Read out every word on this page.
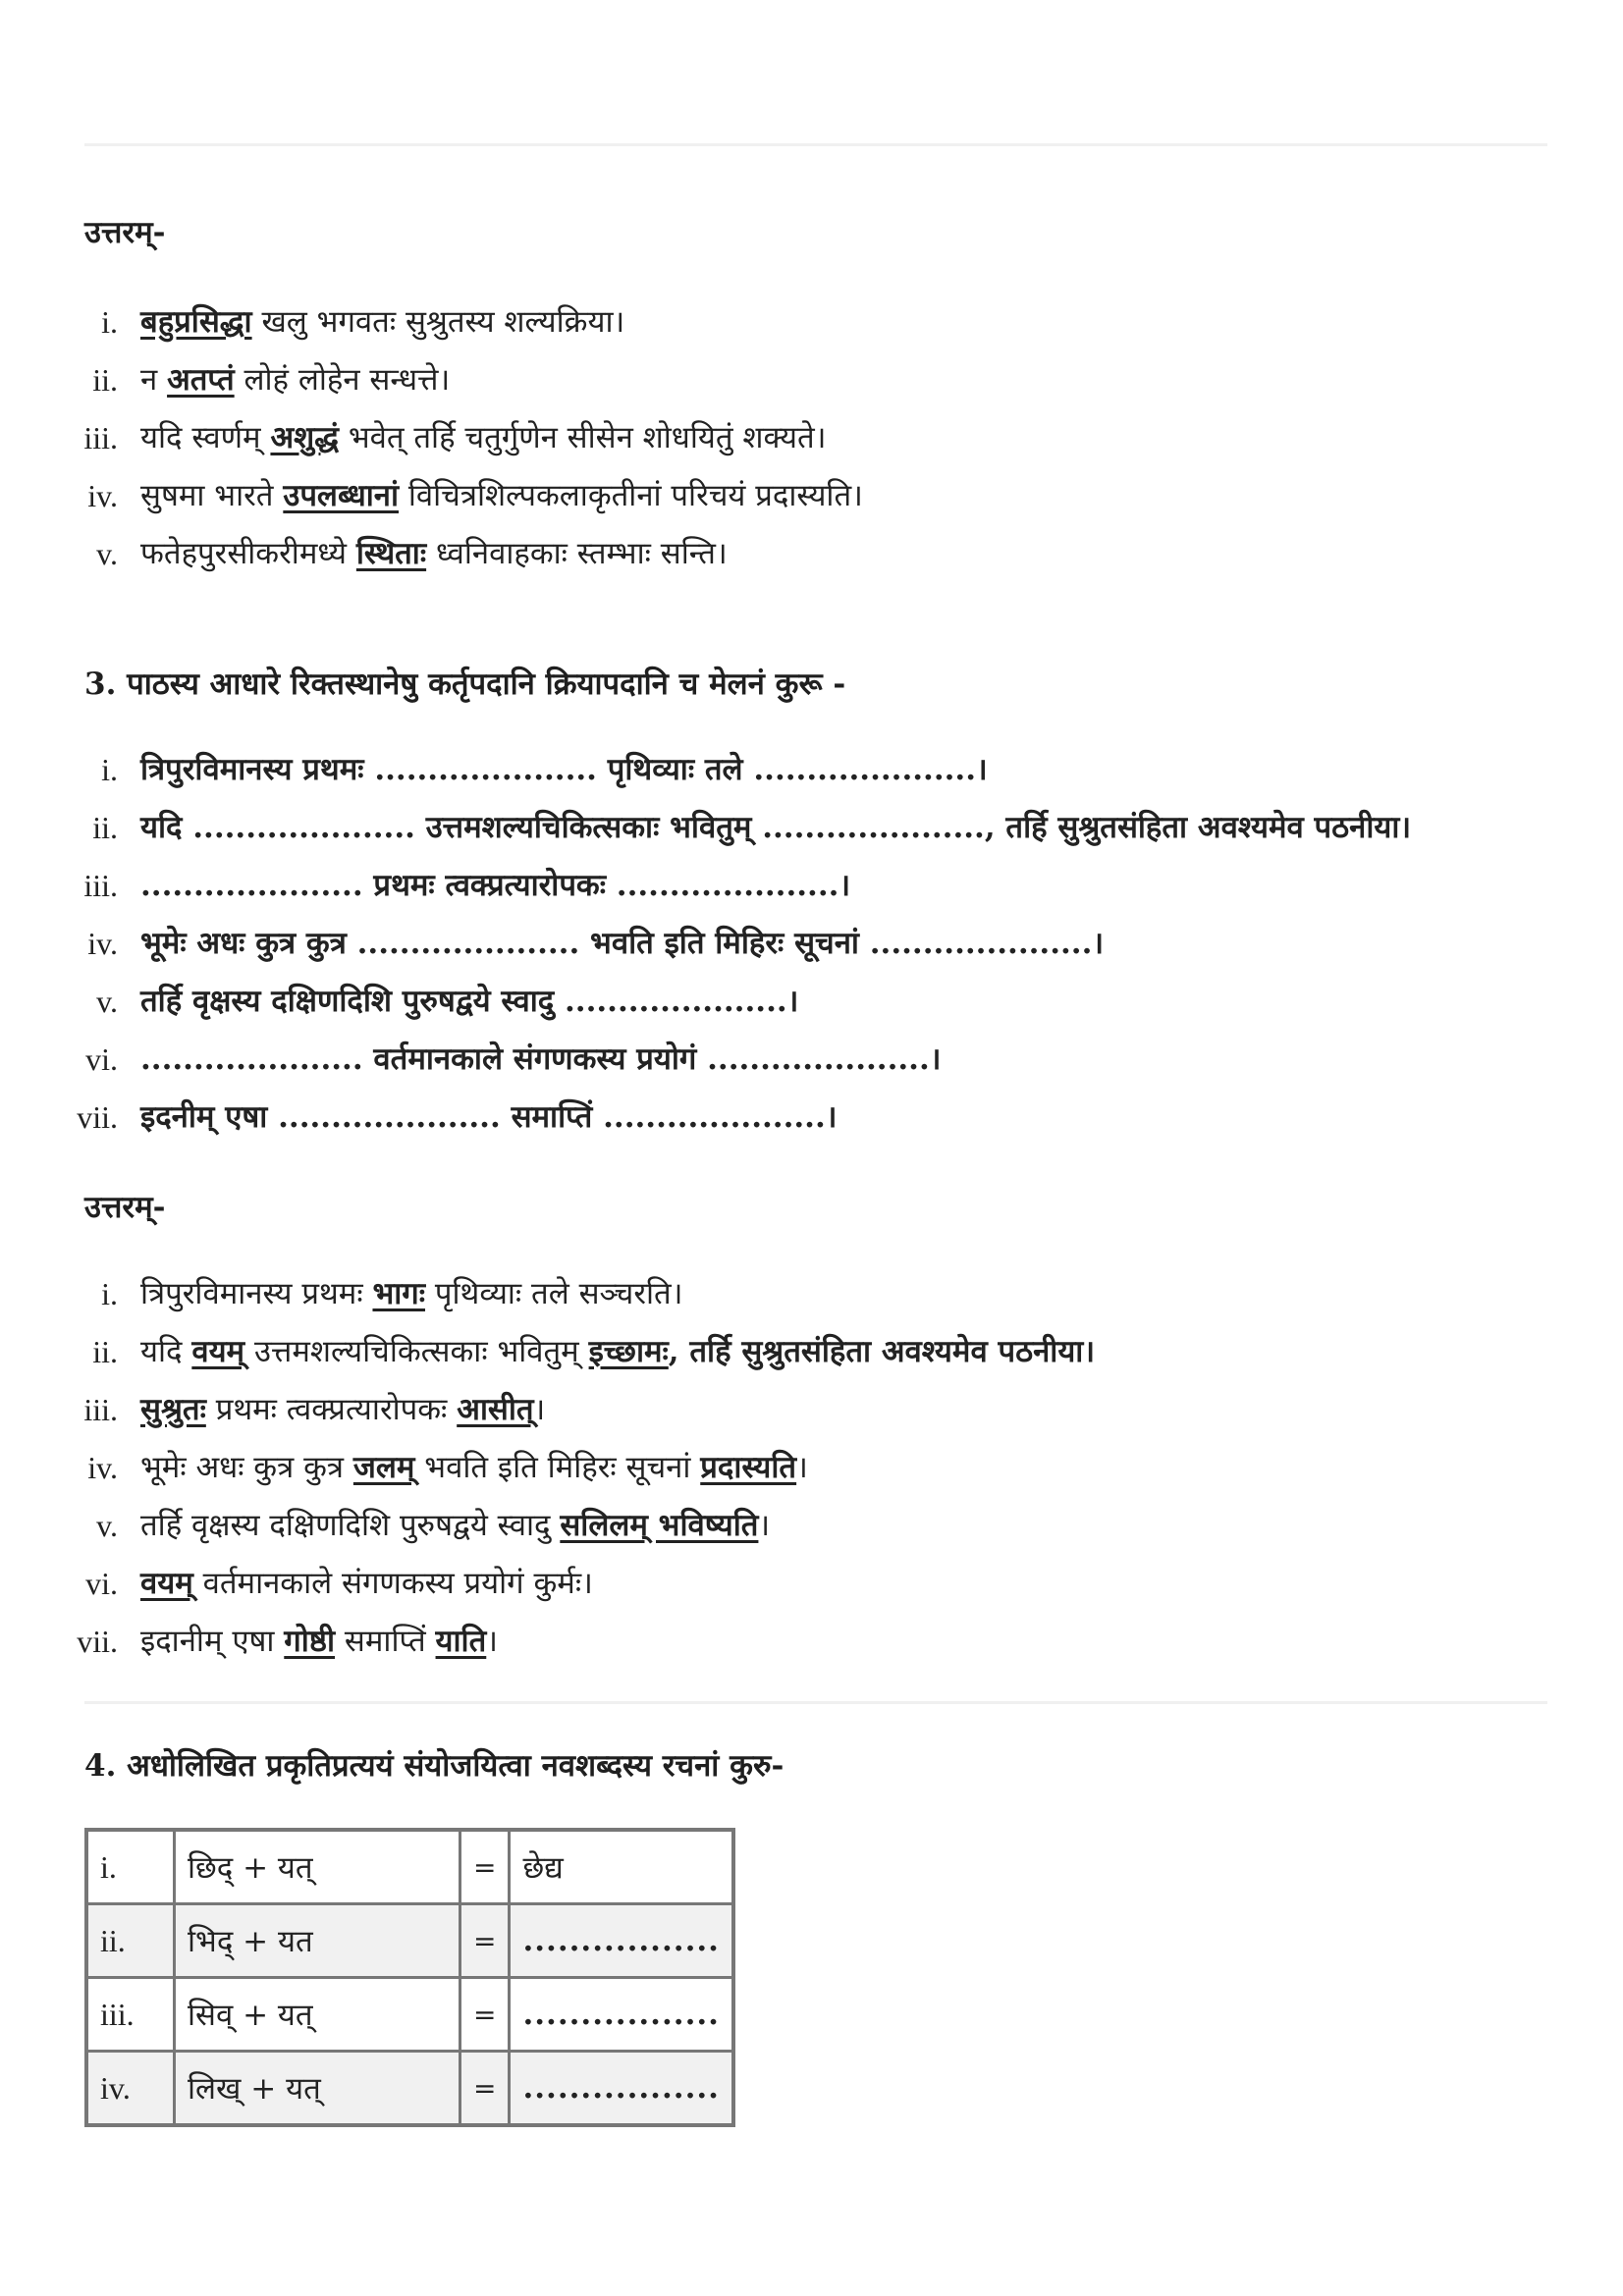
उत्तरम्-
i. बहुप्रसिद्धा खलु भगवतः सुश्रुतस्य शल्यक्रिया।
ii. न अतप्तं लोहं लोहेन सन्धत्ते।
iii. यदि स्वर्णम् अशुद्धं भवेत् तर्हि चतुर्गुणेन सीसेन शोधयितुं शक्यते।
iv. सुषमा भारते उपलब्धानां विचित्रशिल्पकलाकृतीनां परिचयं प्रदास्यति।
v. फतेहपुरसीकरीमध्ये स्थिताः ध्वनिवाहकाः स्तम्भाः सन्ति।
3. पाठस्य आधारे रिक्तस्थानेषु कर्तृपदानि क्रियापदानि च मेलनं कुरू -
i. त्रिपुरविमानस्य प्रथमः ..................... पृथिव्याः तले .....................।
ii. यदि ..................... उत्तमशल्यचिकित्सकाः भवितुम् ....................., तर्हि सुश्रुतसंहिता अवश्यमेव पठनीया।
iii. ..................... प्रथमः त्वक्प्रत्यारोपकः .....................।
iv. भूमेः अधः कुत्र कुत्र ..................... भवति इति मिहिरः सूचनां .....................।
v. तर्हि वृक्षस्य दक्षिणदिशि पुरुषद्वये स्वादु .....................।
vi. ..................... वर्तमानकाले संगणकस्य प्रयोगं .....................।
vii. इदनीम् एषा ..................... समाप्तिं .....................।
उत्तरम्-
i. त्रिपुरविमानस्य प्रथमः भागः पृथिव्याः तले सञ्चरति।
ii. यदि वयम् उत्तमशल्यचिकित्सकाः भवितुम् इच्छामः, तर्हि सुश्रुतसंहिता अवश्यमेव पठनीया।
iii. सुश्रुतः प्रथमः त्वक्प्रत्यारोपकः आसीत्।
iv. भूमेः अधः कुत्र कुत्र जलम् भवति इति मिहिरः सूचनां प्रदास्यति।
v. तर्हि वृक्षस्य दक्षिणदिशि पुरुषद्वये स्वादु सलिलम् भविष्यति।
vi. वयम् वर्तमानकाले संगणकस्य प्रयोगं कुर्मः।
vii. इदानीम् एषा गोष्ठी समाप्तिं याति।
4. अधोलिखित प्रकृतिप्रत्ययं संयोजयित्वा नवशब्दस्य रचनां कुरु-
i.	छिद् + यत्	=	छेद्य
ii.	भिद् + यत	=	.................
iii.	सिव् + यत्	=	.................
iv.	लिख् + यत्	=	.................
